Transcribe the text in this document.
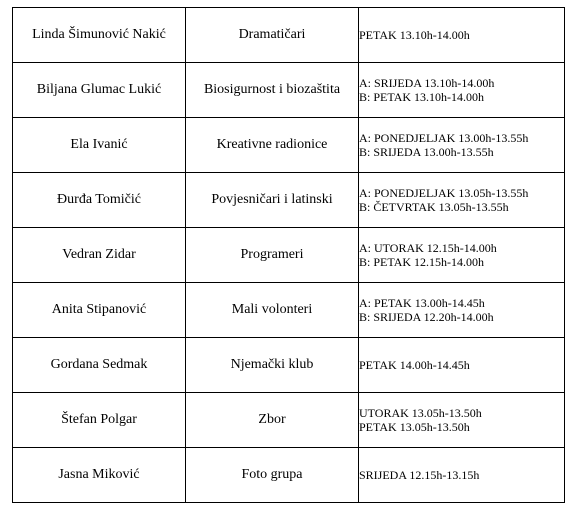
Linda Šimunović Nakić	Dramatičari	PETAK 13.10h-14.00h

Biljana Glumac Lukić	Biosigurnost i biozaštita	A: SRIJEDA 13.10h-14.00h
B: PETAK 13.10h-14.00h

Ela Ivanić	Kreativne radionice	A: PONEDJELJAK 13.00h-13.55h
B: SRIJEDA 13.00h-13.55h

Đurđa Tomičić	Povjesničari i latinski	A: PONEDJELJAK 13.05h-13.55h
B: ČETVRTAK 13.05h-13.55h

Vedran Zidar	Programeri	A: UTORAK 12.15h-14.00h
B: PETAK 12.15h-14.00h

Anita Stipanović	Mali volonteri	A: PETAK 13.00h-14.45h
B: SRIJEDA 12.20h-14.00h

Gordana Sedmak	Njemački klub	PETAK 14.00h-14.45h

Štefan Polgar	Zbor	UTORAK 13.05h-13.50h
PETAK 13.05h-13.50h

Jasna Miković	Foto grupa	SRIJEDA 12.15h-13.15h
